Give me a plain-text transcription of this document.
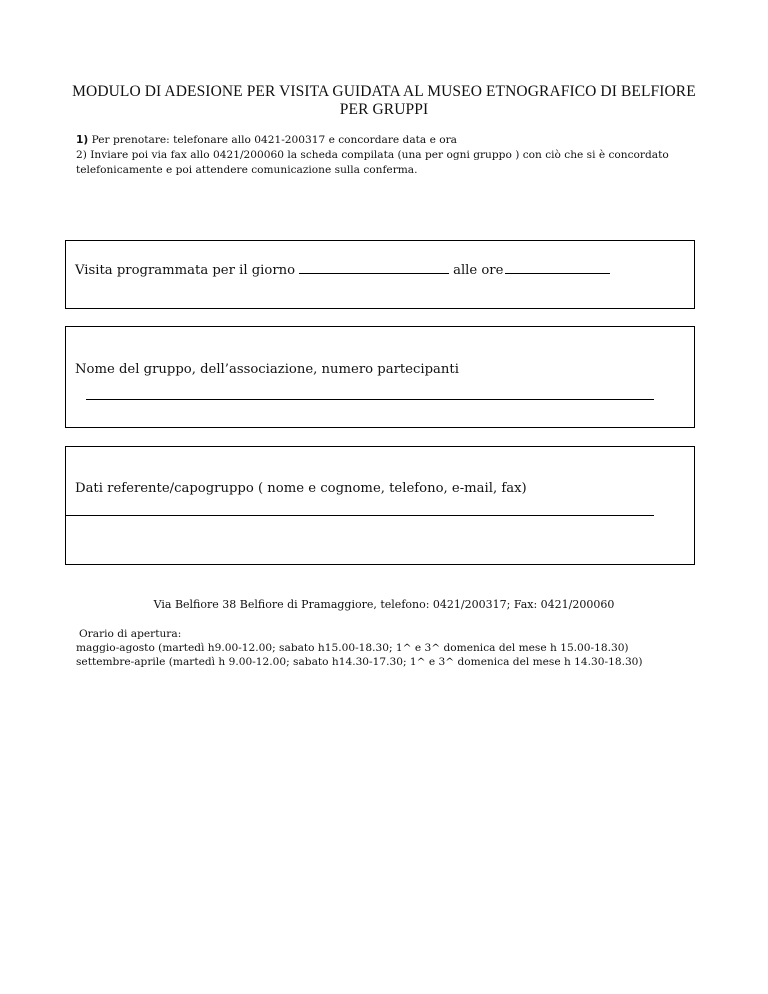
MODULO DI ADESIONE PER VISITA GUIDATA AL MUSEO ETNOGRAFICO DI BELFIORE
PER GRUPPI
1) Per prenotare: telefonare allo 0421-200317 e concordare data e ora
2) Inviare poi via fax allo 0421/200060 la scheda compilata (una per ogni gruppo ) con ciò che si è concordato telefonicamente e poi attendere comunicazione sulla conferma.
Visita programmata per il giorno	alle ore
Nome del gruppo, dell’associazione, numero partecipanti
Dati referente/capogruppo ( nome e cognome, telefono, e-mail, fax)
Via Belfiore 38 Belfiore di Pramaggiore, telefono: 0421/200317; Fax: 0421/200060
Orario di apertura:
maggio-agosto (martedì h9.00-12.00; sabato h15.00-18.30; 1^ e 3^ domenica del mese h 15.00-18.30)
settembre-aprile (martedì h 9.00-12.00; sabato h14.30-17.30; 1^ e 3^ domenica del mese h 14.30-18.30)
